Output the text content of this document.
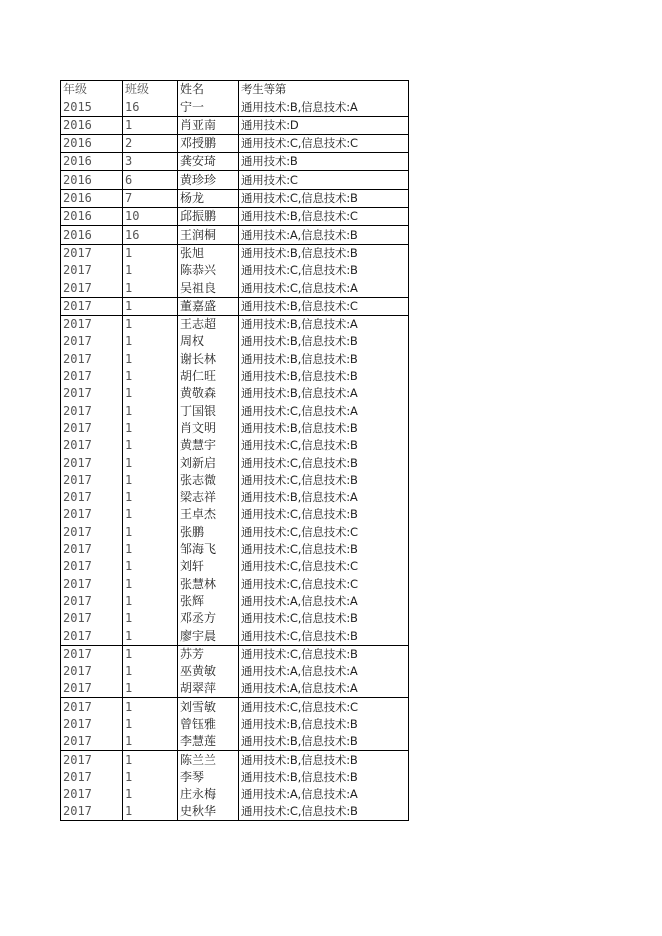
年级	班级	姓名	考生等第
2015	16	宁一	通用技术:B,信息技术:A
2016	1	肖亚南	通用技术:D
2016	2	邓授鹏	通用技术:C,信息技术:C
2016	3	龚安琦	通用技术:B
2016	6	黄珍珍	通用技术:C
2016	7	杨龙	通用技术:C,信息技术:B
2016	10	邱振鹏	通用技术:B,信息技术:C
2016	16	王润桐	通用技术:A,信息技术:B
2017	1	张旭	通用技术:B,信息技术:B
2017	1	陈恭兴	通用技术:C,信息技术:B
2017	1	吴祖良	通用技术:C,信息技术:A
2017	1	董嘉盛	通用技术:B,信息技术:C
2017	1	王志超	通用技术:B,信息技术:A
2017	1	周权	通用技术:B,信息技术:B
2017	1	谢长林	通用技术:B,信息技术:B
2017	1	胡仁旺	通用技术:B,信息技术:B
2017	1	黄敬森	通用技术:B,信息技术:A
2017	1	丁国银	通用技术:C,信息技术:A
2017	1	肖文明	通用技术:B,信息技术:B
2017	1	黄慧宇	通用技术:C,信息技术:B
2017	1	刘新启	通用技术:C,信息技术:B
2017	1	张志微	通用技术:C,信息技术:B
2017	1	梁志祥	通用技术:B,信息技术:A
2017	1	王卓杰	通用技术:C,信息技术:B
2017	1	张鹏	通用技术:C,信息技术:C
2017	1	邹海飞	通用技术:C,信息技术:B
2017	1	刘轩	通用技术:C,信息技术:C
2017	1	张慧林	通用技术:C,信息技术:C
2017	1	张辉	通用技术:A,信息技术:A
2017	1	邓丞方	通用技术:C,信息技术:B
2017	1	廖宇晨	通用技术:C,信息技术:B
2017	1	苏芳	通用技术:C,信息技术:B
2017	1	巫黄敏	通用技术:A,信息技术:A
2017	1	胡翠萍	通用技术:A,信息技术:A
2017	1	刘雪敏	通用技术:C,信息技术:C
2017	1	曾钰雅	通用技术:B,信息技术:B
2017	1	李慧莲	通用技术:B,信息技术:B
2017	1	陈兰兰	通用技术:B,信息技术:B
2017	1	李琴	通用技术:B,信息技术:B
2017	1	庄永梅	通用技术:A,信息技术:A
2017	1	史秋华	通用技术:C,信息技术:B
